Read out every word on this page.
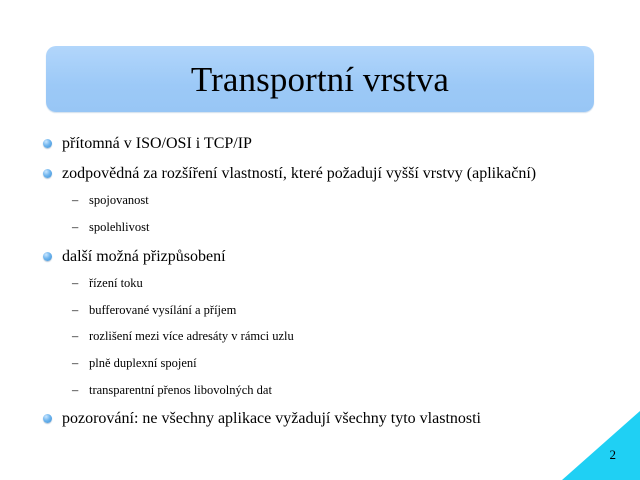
Transportní vrstva
přítomná v ISO/OSI i TCP/IP
zodpovědná za rozšíření vlastností, které požadují vyšší vrstvy (aplikační)
– spojovanost
– spolehlivost
další možná přizpůsobení
– řízení toku
– bufferované vysílání a příjem
– rozlišení mezi více adresáty v rámci uzlu
– plně duplexní spojení
– transparentní přenos libovolných dat
pozorování: ne všechny aplikace vyžadují všechny tyto vlastnosti
2
